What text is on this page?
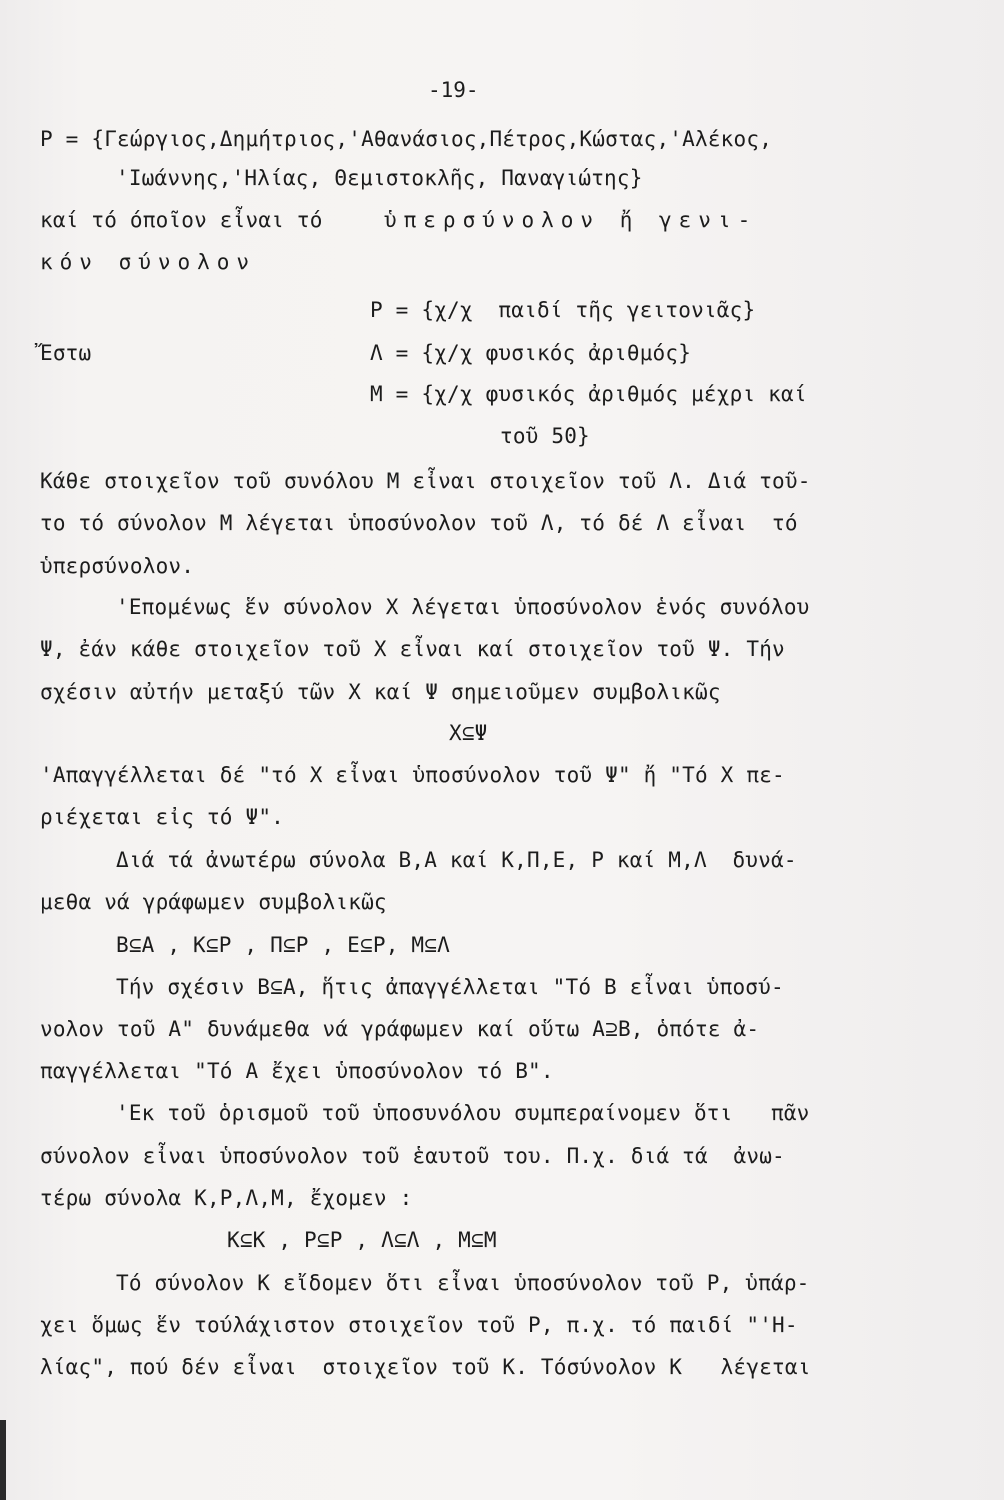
-19-
P = {Γεώργιος,Δημήτριος,'Αθανάσιος,Πέτρος,Κώστας,'Αλέκος,
'Ιωάννης,'Ηλίας, Θεμιστοκλῆς, Παναγιώτης}
καί τό όποῖον εἶναι τό	ὑπερσύνολον ἤ γενι-
κόν σύνολον
P = {χ/χ  παιδί τῆς γειτονιᾶς}
Ἔστω	Λ = {χ/χ φυσικός ἀριθμός}
Μ = {χ/χ φυσικός ἀριθμός μέχρι καί
τοῦ 50}
Κάθε στοιχεῖον τοῦ συνόλου Μ εἶναι στοιχεῖον τοῦ Λ. Διά τοῦ-
το τό σύνολον Μ λέγεται ὑποσύνολον τοῦ Λ, τό δέ Λ εἶναι  τό
ὑπερσύνολον.
'Επομένως ἕν σύνολον Χ λέγεται ὑποσύνολον ἑνός συνόλου
Ψ, ἐάν κάθε στοιχεῖον τοῦ Χ εἶναι καί στοιχεῖον τοῦ Ψ. Τήν
σχέσιν αὐτήν μεταξύ τῶν Χ καί Ψ σημειοῦμεν συμβολικῶς
Χ⊆Ψ
'Απαγγέλλεται δέ "τό Χ εἶναι ὑποσύνολον τοῦ Ψ" ἤ "Τό Χ πε-
ριέχεται εἰς τό Ψ".
Διά τά ἀνωτέρω σύνολα Β,Α καί Κ,Π,Ε, Ρ καί Μ,Λ  δυνά-
μεθα νά γράφωμεν συμβολικῶς
Β⊆Α , Κ⊆Ρ , Π⊆Ρ , Ε⊆Ρ, Μ⊆Λ
Τήν σχέσιν Β⊆Α, ἥτις ἀπαγγέλλεται "Τό Β εἶναι ὑποσύ-
νολον τοῦ Α" δυνάμεθα νά γράφωμεν καί οὕτω Α⊇Β, ὁπότε ἀ-
παγγέλλεται "Τό Α ἔχει ὑποσύνολον τό Β".
'Εκ τοῦ ὁρισμοῦ τοῦ ὑποσυνόλου συμπεραίνομεν ὅτι   πᾶν
σύνολον εἶναι ὑποσύνολον τοῦ ἑαυτοῦ του. Π.χ. διά τά  ἀνω-
τέρω σύνολα Κ,Ρ,Λ,Μ, ἔχομεν :
Κ⊆Κ , Ρ⊆Ρ , Λ⊆Λ , Μ⊆Μ
Τό σύνολον Κ εἴδομεν ὅτι εἶναι ὑποσύνολον τοῦ Ρ, ὑπάρ-
χει ὅμως ἕν τούλάχιστον στοιχεῖον τοῦ Ρ, π.χ. τό παιδί "'Η-
λίας", πού δέν εἶναι  στοιχεῖον τοῦ Κ. Τόσύνολον Κ   λέγεται
